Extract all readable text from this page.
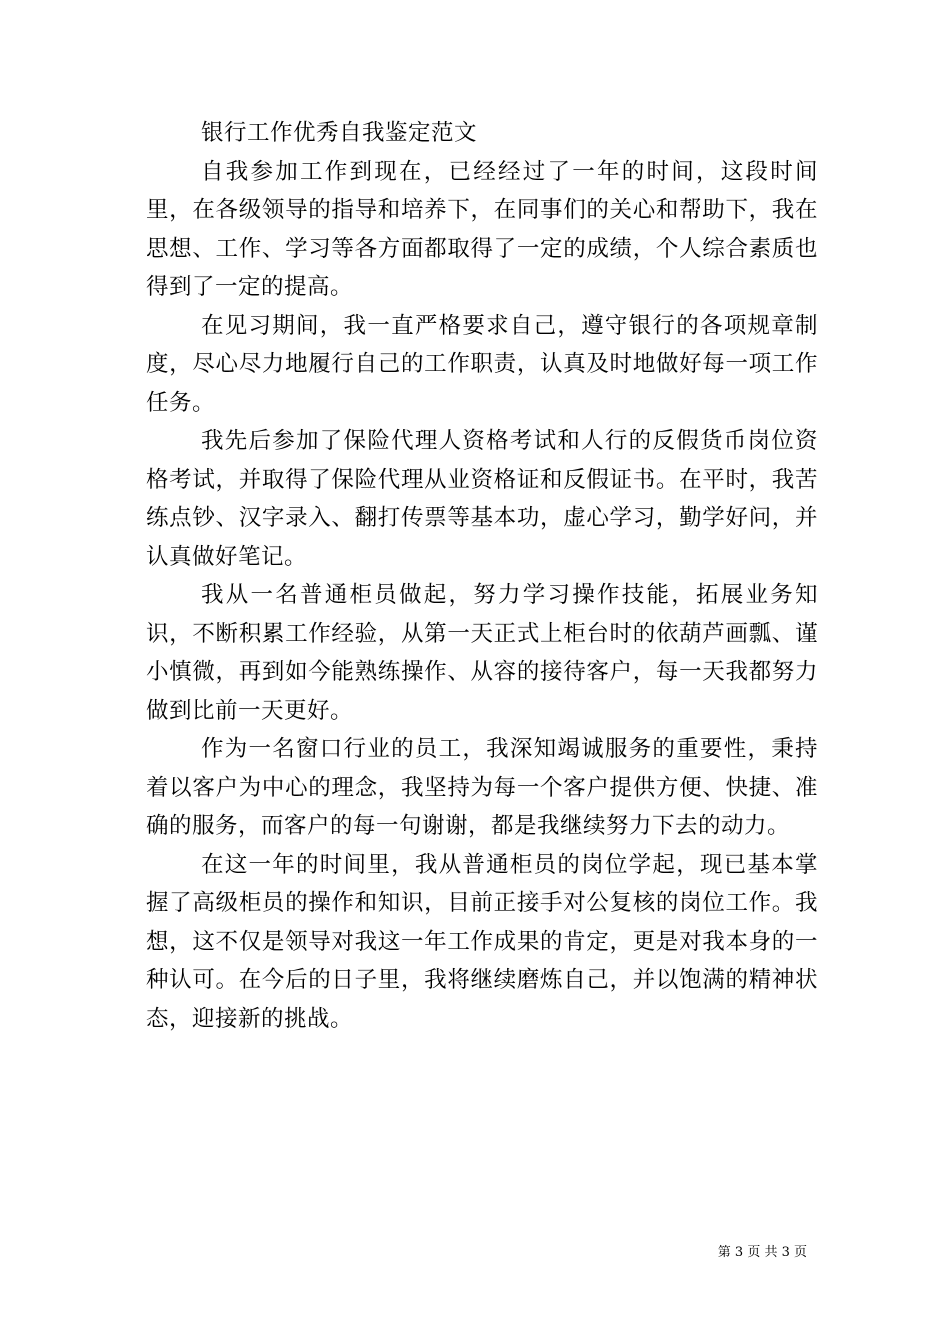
银行工作优秀自我鉴定范文

自我参加工作到现在，已经经过了一年的时间，这段时间里，在各级领导的指导和培养下，在同事们的关心和帮助下，我在思想、工作、学习等各方面都取得了一定的成绩，个人综合素质也得到了一定的提高。

在见习期间，我一直严格要求自己，遵守银行的各项规章制度，尽心尽力地履行自己的工作职责，认真及时地做好每一项工作任务。

我先后参加了保险代理人资格考试和人行的反假货币岗位资格考试，并取得了保险代理从业资格证和反假证书。在平时，我苦练点钞、汉字录入、翻打传票等基本功，虚心学习，勤学好问，并认真做好笔记。

我从一名普通柜员做起，努力学习操作技能，拓展业务知识，不断积累工作经验，从第一天正式上柜台时的依葫芦画瓢、谨小慎微，再到如今能熟练操作、从容的接待客户，每一天我都努力做到比前一天更好。

作为一名窗口行业的员工，我深知竭诚服务的重要性，秉持着以客户为中心的理念，我坚持为每一个客户提供方便、快捷、准确的服务，而客户的每一句谢谢，都是我继续努力下去的动力。

在这一年的时间里，我从普通柜员的岗位学起，现已基本掌握了高级柜员的操作和知识，目前正接手对公复核的岗位工作。我想，这不仅是领导对我这一年工作成果的肯定，更是对我本身的一种认可。在今后的日子里，我将继续磨炼自己，并以饱满的精神状态，迎接新的挑战。

第 3 页 共 3 页
